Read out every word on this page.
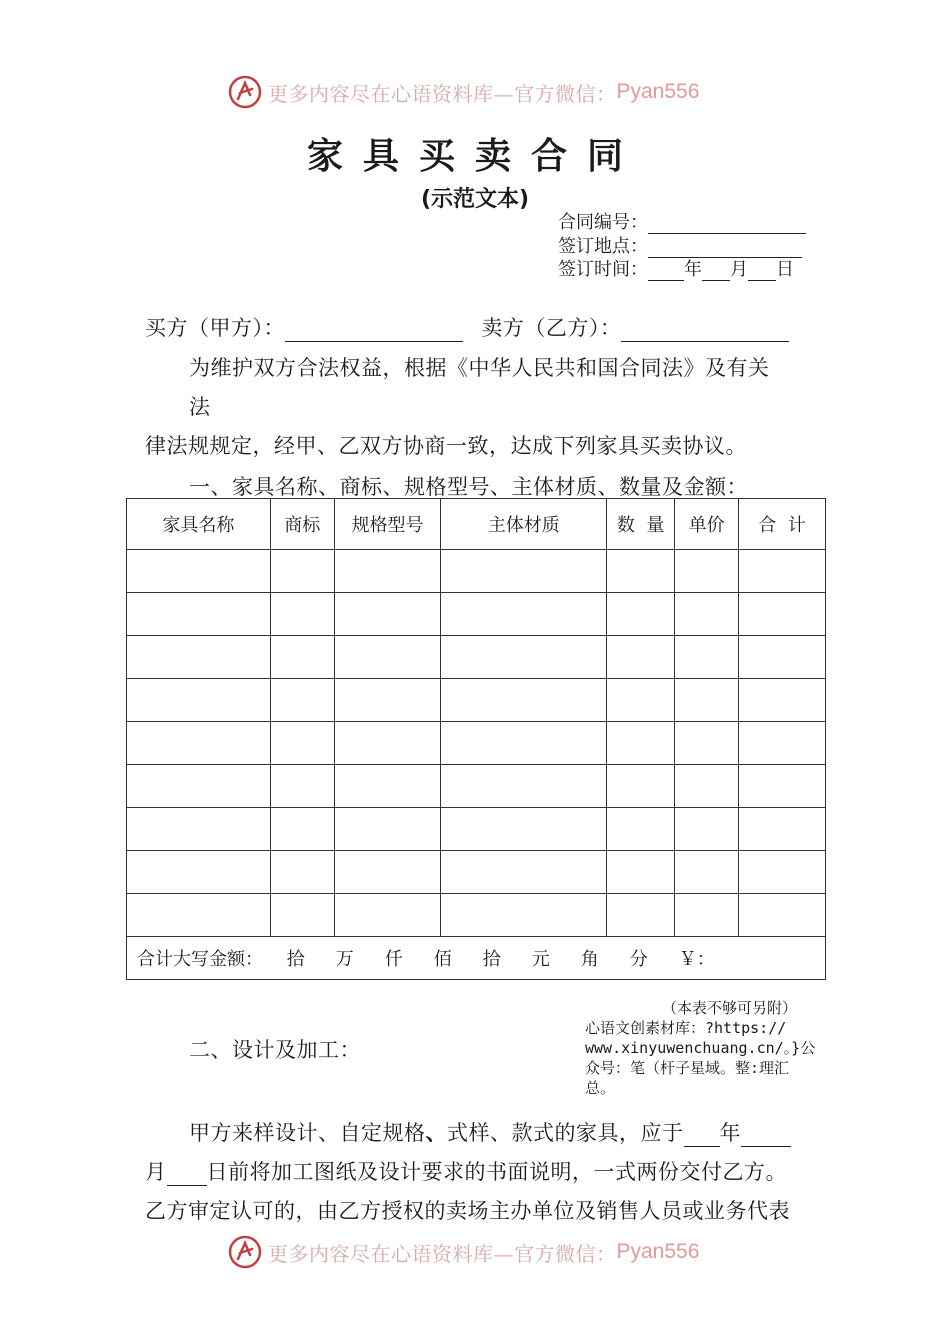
更多内容尽在心语资料库—官方微信： Pyan556
家具买卖合同
(示范文本)
合同编号：
签订地点：
签订时间： 年 月 日
买方（甲方）：	卖方（乙方）：
为维护双方合法权益，根据《中华人民共和国合同法》及有关
法
律法规规定，经甲、乙双方协商一致，达成下列家具买卖协议。
一、家具名称、商标、规格型号、主体材质、数量及金额：
家具名称	商标	规格型号	主体材质	数  量	单价	合  计

合计大写金额： 拾 万 仟 佰 拾 元 角 分 ￥：						
（本表不够可另附）
心语文创素材库：?https://
www.xinyuwenchuang.cn/。}公
众号：笔（杆子星域。整:理汇
总。
二、设计及加工：
甲方来样设计、自定规格、式样、款式的家具，应于 年
月 日前将加工图纸及设计要求的书面说明，一式两份交付乙方。
乙方审定认可的，由乙方授权的卖场主办单位及销售人员或业务代表
更多内容尽在心语资料库—官方微信： Pyan556
